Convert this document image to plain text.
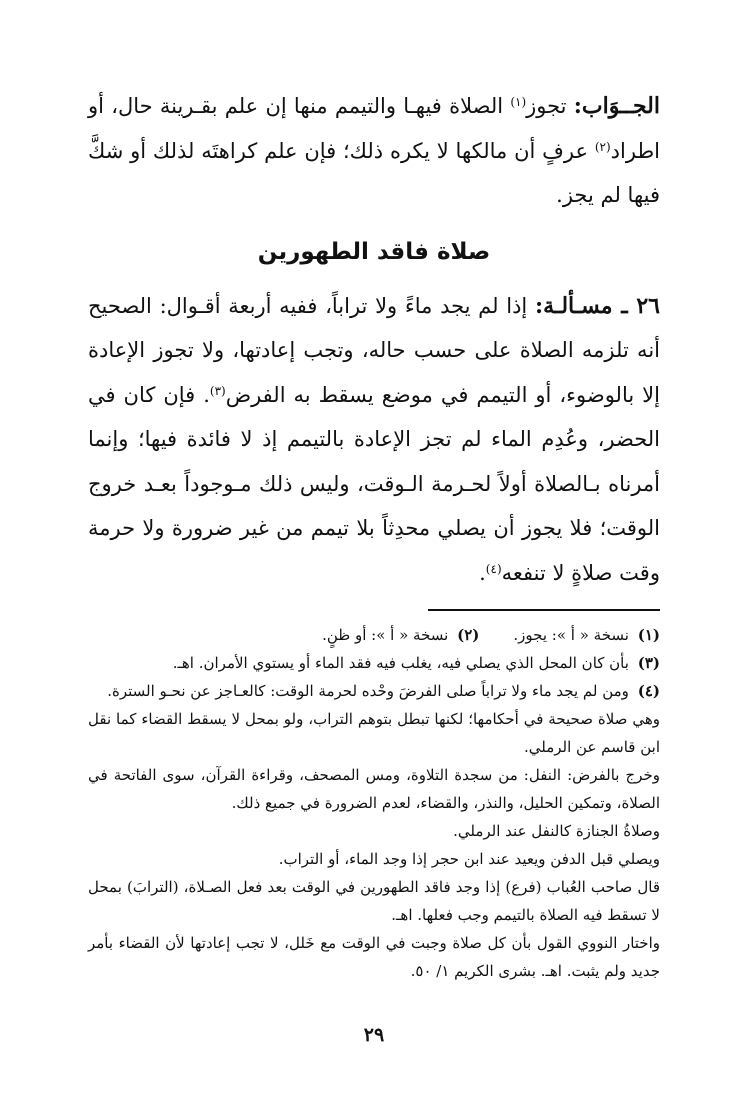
الجــوَاب: تجوز$^{(١)}$ الصلاة فيهـا والتيمم منها إن علم بقـرينة حال، أو اطراد$^{(٢)}$ عرفٍ أن مالكها لا يكره ذلك؛ فإن علم كراهتَه لذلك أو شكَّ فيها لم يجز.

صلاة فاقد الطهورين

٢٦ ـ مسـألـة: إذا لم يجد ماءً ولا تراباً، ففيه أربعة أقـوال: الصحيح أنه تلزمه الصلاة على حسب حاله، وتجب إعادتها، ولا تجوز الإعادة إلا بالوضوء، أو التيمم في موضع يسقط به الفرض$^{(٣)}$. فإن كان في الحضر، وعُدِم الماء لم تجز الإعادة بالتيمم إذ لا فائدة فيها؛ وإنما أمرناه بـالصلاة أولاً لحـرمة الـوقت، وليس ذلك مـوجوداً بعـد خروج الوقت؛ فلا يجوز أن يصلي محدِثاً بلا تيمم من غير ضرورة ولا حرمة وقت صلاةٍ لا تنفعه$^{(٤)}$.

(١) نسخة « أ »: يجوز.
(٢) نسخة « أ »: أو ظنٍ.

(٣) بأن كان المحل الذي يصلي فيه، يغلب فيه فقد الماء أو يستوي الأمران. اهـ.

(٤) ومن لم يجد ماء ولا تراباً صلى الفرضَ وحْده لحرمة الوقت: كالعـاجز عن نحـو السترة.

وهي صلاة صحيحة في أحكامها؛ لكنها تبطل بتوهم التراب، ولو بمحل لا يسقط القضاء كما نقل ابن قاسم عن الرملي.

وخرج بالفرض: النفل: من سجدة التلاوة، ومس المصحف، وقراءة القرآن، سوى الفاتحة في الصلاة، وتمكين الحليل، والنذر، والقضاء، لعدم الضرورة في جميع ذلك.

وصلاةُ الجنازة كالنفل عند الرملي.

ويصلي قبل الدفن ويعيد عند ابن حجر إذا وجد الماء، أو التراب.

قال صاحب العُباب (فرع) إذا وجد فاقد الطهورين في الوقت بعد فعل الصـلاة، (الترابَ) بمحل لا تسقط فيه الصلاة بالتيمم وجب فعلها. اهـ.

واختار النووي القول بأن كل صلاة وجبت في الوقت مع خَلل، لا تجب إعادتها لأن القضاء بأمر جديد ولم يثبت. اهـ. بشرى الكريم ١/ ٥٠.

٢٩
